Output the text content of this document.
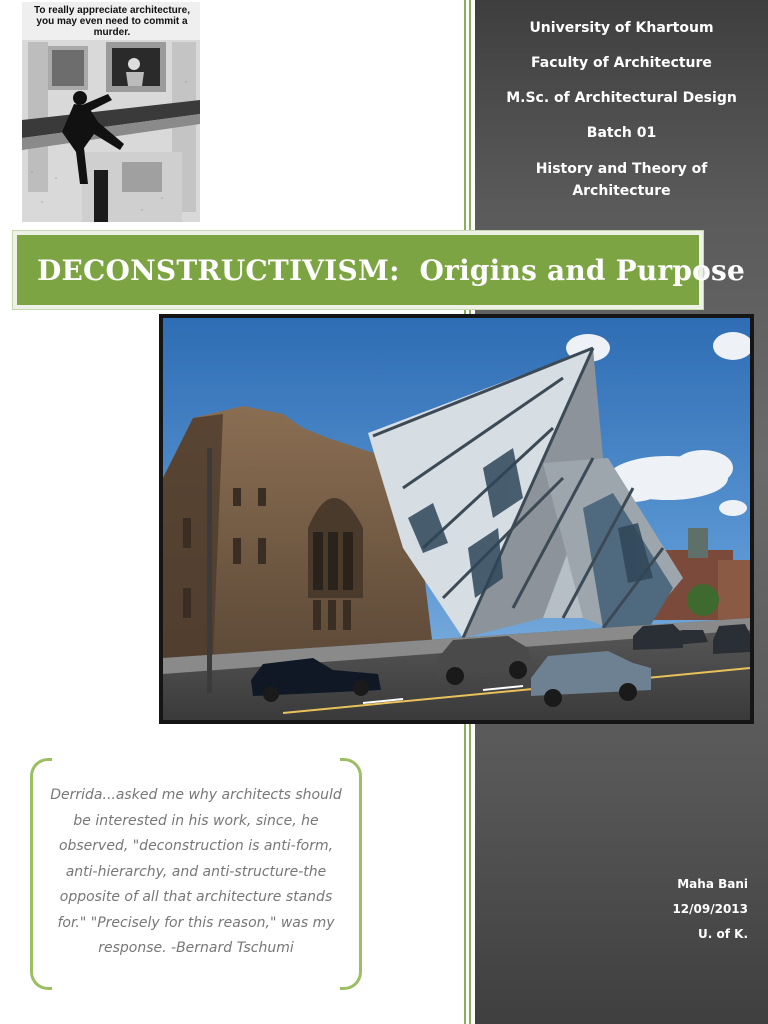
University of Khartoum
Faculty of Architecture
M.Sc. of Architectural Design
Batch 01
History and Theory of Architecture
To really appreciate architecture, you may even need to commit a murder.
DECONSTRUCTIVISM:  Origins and Purpose
Derrida...asked me why architects should be interested in his work, since, he observed, "deconstruction is anti-form, anti-hierarchy, and anti-structure-the opposite of all that architecture stands for." "Precisely for this reason," was my response. -Bernard Tschumi
Maha Bani
12/09/2013
U. of K.
